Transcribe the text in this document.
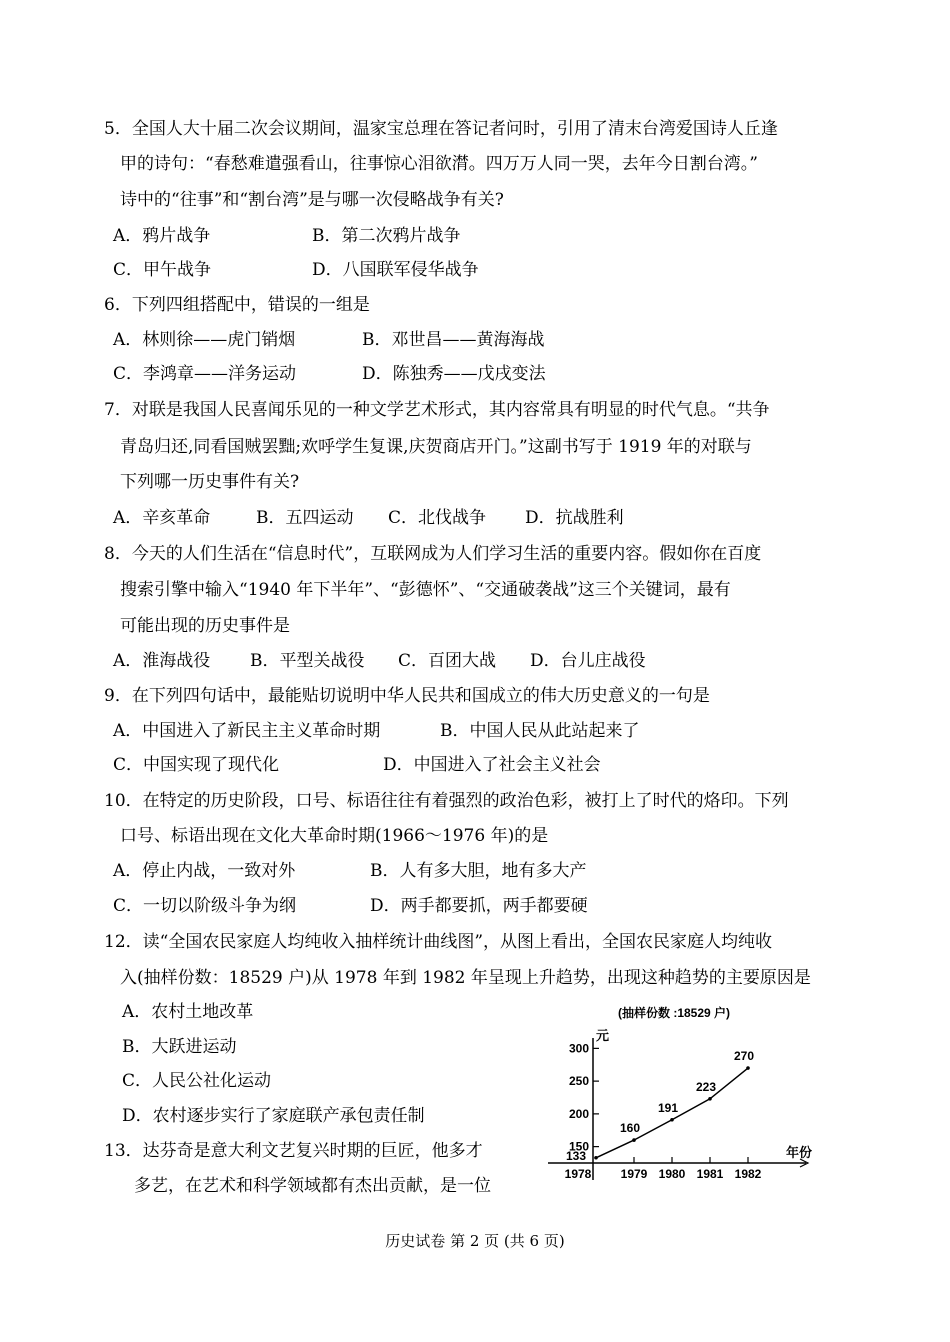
5．全国人大十届二次会议期间，温家宝总理在答记者问时，引用了清末台湾爱国诗人丘逢
甲的诗句：“春愁难遣强看山，往事惊心泪欲潸。四万万人同一哭，去年今日割台湾。”
诗中的“往事”和“割台湾”是与哪一次侵略战争有关?
A．鸦片战争	B．第二次鸦片战争
C．甲午战争	D．八国联军侵华战争
6．下列四组搭配中，错误的一组是
A．林则徐——虎门销烟	B．邓世昌——黄海海战
C．李鸿章——洋务运动	D．陈独秀——戊戌变法
7．对联是我国人民喜闻乐见的一种文学艺术形式，其内容常具有明显的时代气息。“共争
青岛归还,同看国贼罢黜;欢呼学生复课,庆贺商店开门。”这副书写于 1919 年的对联与
下列哪一历史事件有关?
A．辛亥革命	B．五四运动 C．北伐战争 D．抗战胜利
8．今天的人们生活在“信息时代”，互联网成为人们学习生活的重要内容。假如你在百度
搜索引擎中输入“1940 年下半年”、“彭德怀”、“交通破袭战”这三个关键词，最有
可能出现的历史事件是
A．淮海战役 B．平型关战役 C．百团大战 D．台儿庄战役
9．在下列四句话中，最能贴切说明中华人民共和国成立的伟大历史意义的一句是
A．中国进入了新民主主义革命时期	B．中国人民从此站起来了
C．中国实现了现代化	D．中国进入了社会主义社会
10．在特定的历史阶段，口号、标语往往有着强烈的政治色彩，被打上了时代的烙印。下列
口号、标语出现在文化大革命时期(1966～1976 年)的是
A．停止内战，一致对外	B．人有多大胆，地有多大产
C．一切以阶级斗争为纲	D．两手都要抓，两手都要硬
12．读“全国农民家庭人均纯收入抽样统计曲线图”，从图上看出，全国农民家庭人均纯收
入(抽样份数：18529 户)从 1978 年到 1982 年呈现上升趋势，出现这种趋势的主要原因是
A．农村土地改革
B．大跃进运动
C．人民公社化运动
D．农村逐步实行了家庭联产承包责任制
13．达芬奇是意大利文艺复兴时期的巨匠，他多才
多艺，在艺术和科学领域都有杰出贡献，是一位
(抽样份数 :18529 户)
元
年份
150
200
250
300
1978 1979 1980 1981 1982
133
160
191
223
270
历史试卷 第 2 页 (共 6 页)
